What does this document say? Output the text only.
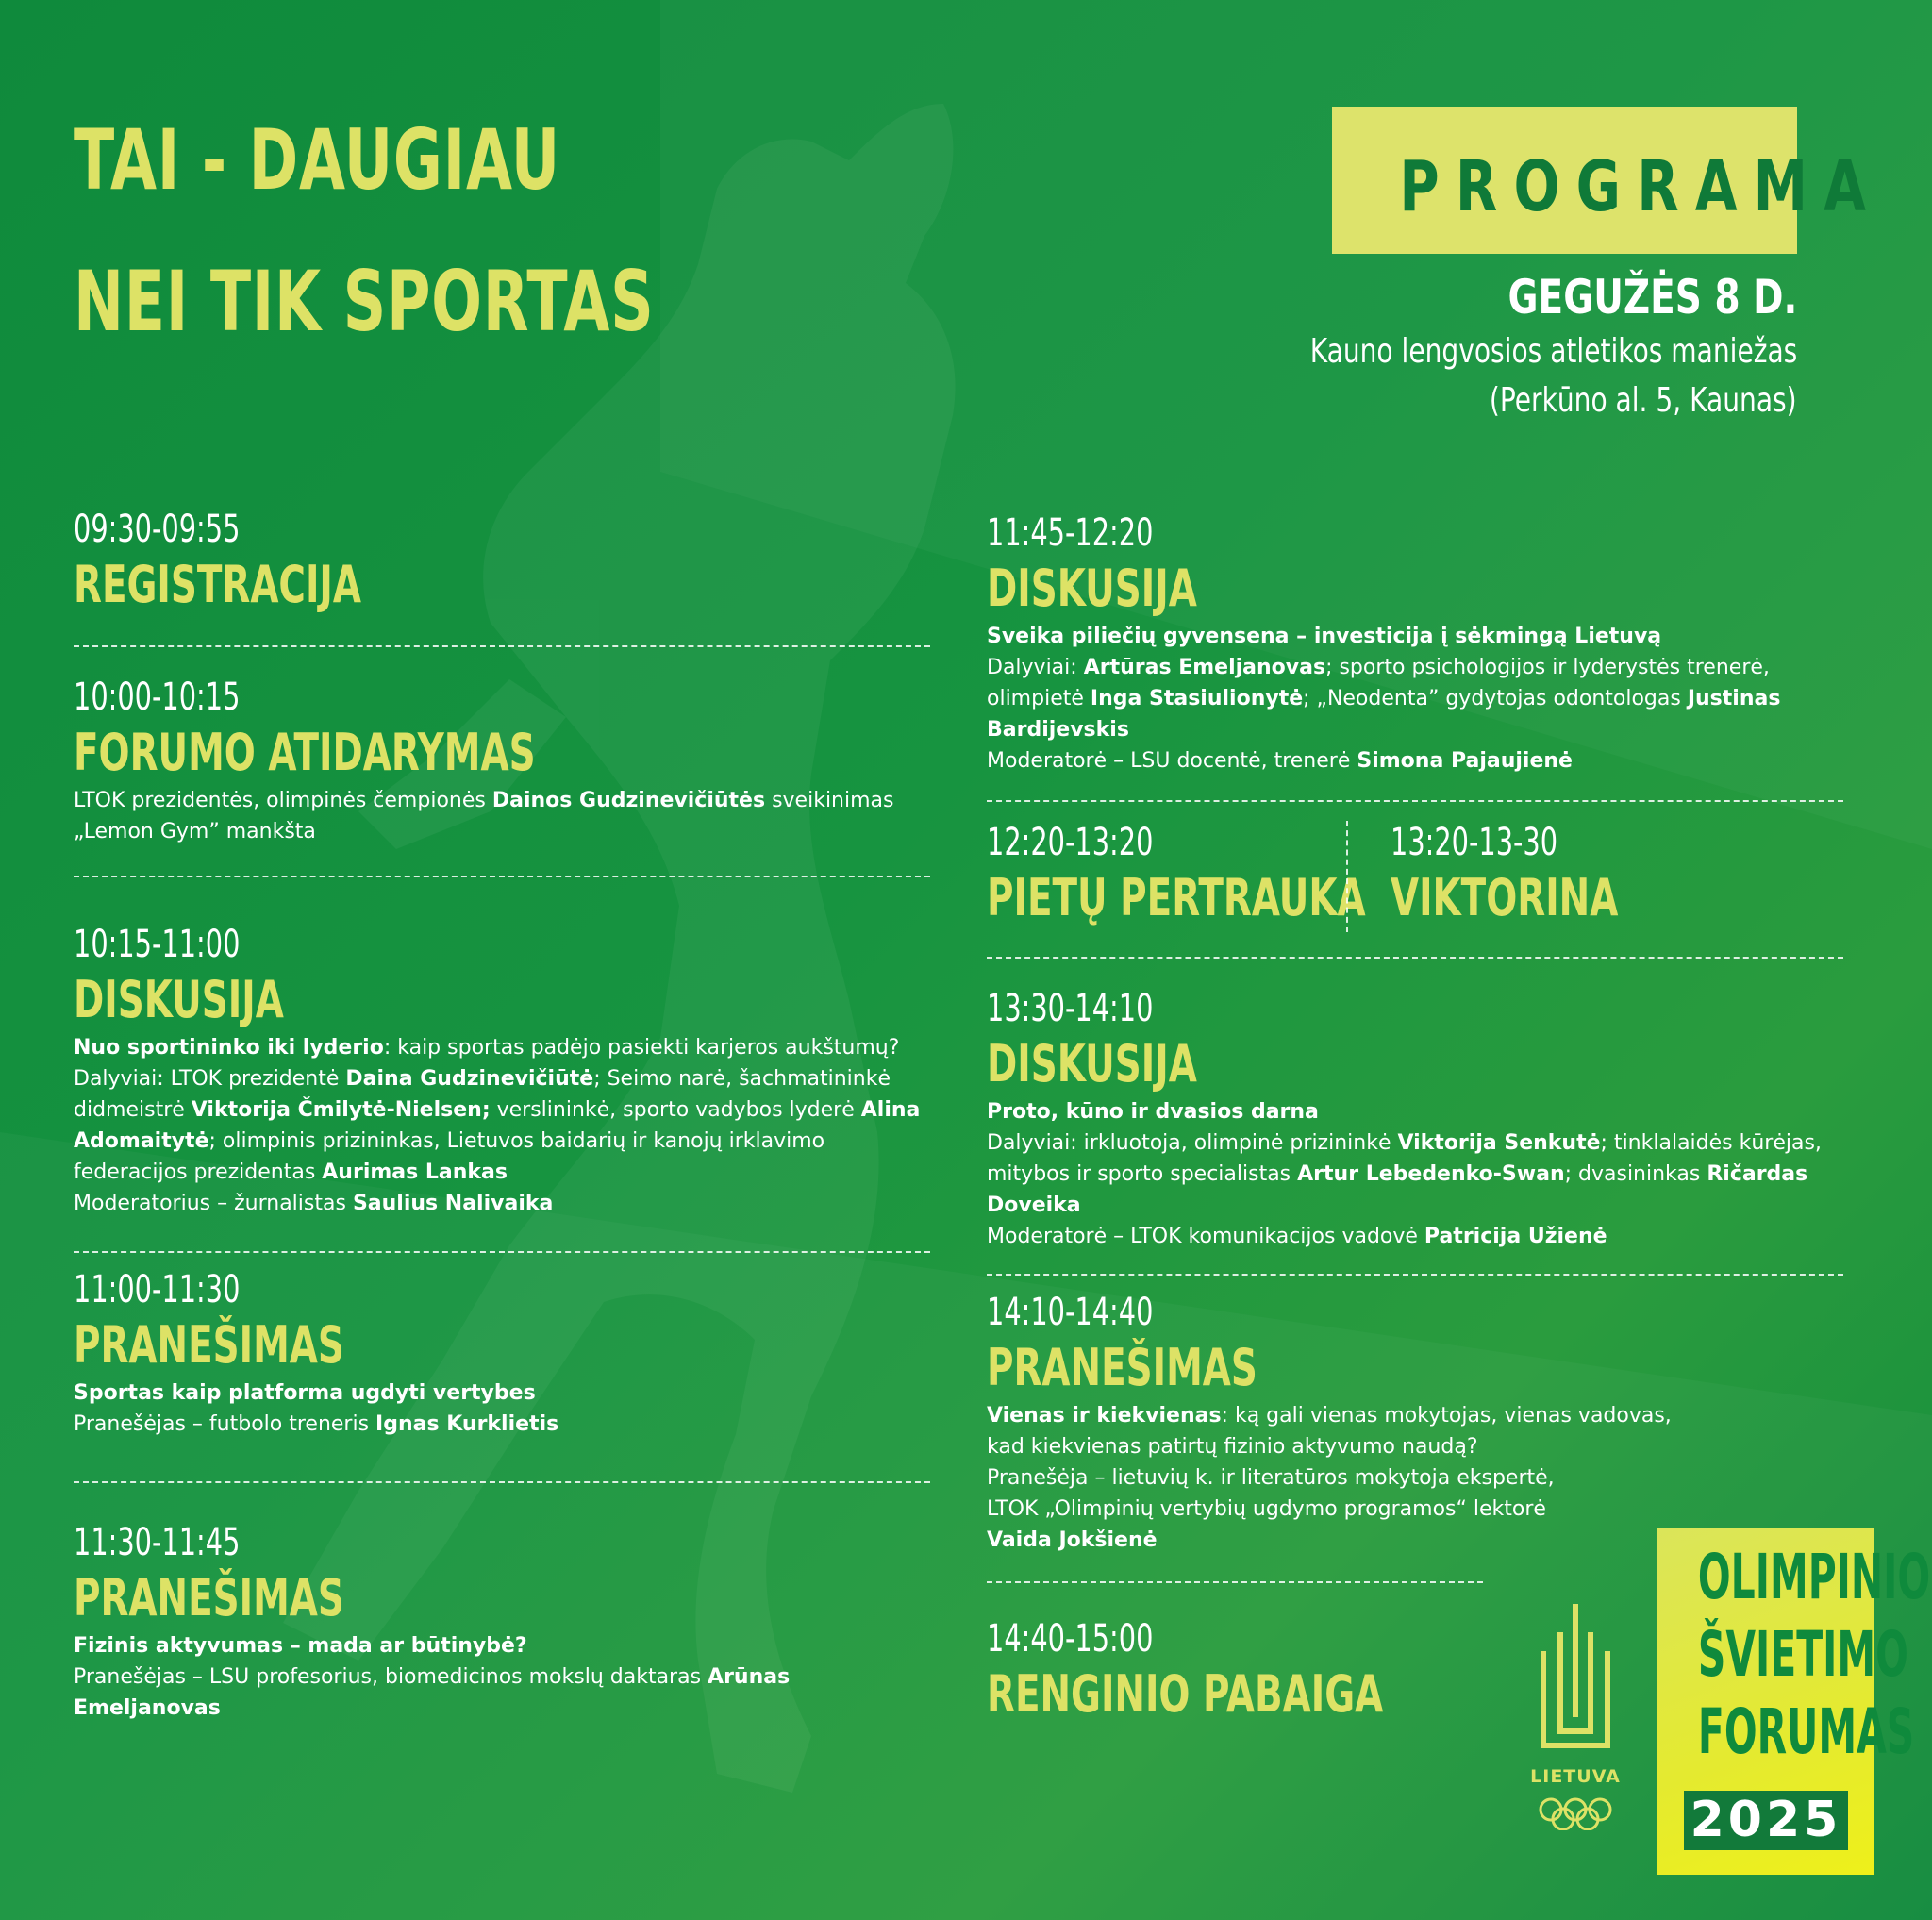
TAI - DAUGIAU
NEI TIK SPORTAS
PROGRAMA
GEGUŽĖS 8 D.
Kauno lengvosios atletikos maniežas
(Perkūno al. 5, Kaunas)
09:30-09:55
REGISTRACIJA
10:00-10:15
FORUMO ATIDARYMAS
LTOK prezidentės, olimpinės čempionės Dainos Gudzinevičiūtės sveikinimas
„Lemon Gym” mankšta
10:15-11:00
DISKUSIJA
Nuo sportininko iki lyderio: kaip sportas padėjo pasiekti karjeros aukštumų?
Dalyviai: LTOK prezidentė Daina Gudzinevičiūtė; Seimo narė, šachmatininkė
didmeistrė Viktorija Čmilytė-Nielsen; verslininkė, sporto vadybos lyderė Alina
Adomaitytė; olimpinis prizininkas, Lietuvos baidarių ir kanojų irklavimo
federacijos prezidentas Aurimas Lankas
Moderatorius – žurnalistas Saulius Nalivaika
11:00-11:30
PRANEŠIMAS
Sportas kaip platforma ugdyti vertybes
Pranešėjas – futbolo treneris Ignas Kurklietis
11:30-11:45
PRANEŠIMAS
Fizinis aktyvumas – mada ar būtinybė?
Pranešėjas – LSU profesorius, biomedicinos mokslų daktaras Arūnas
Emeljanovas
11:45-12:20
DISKUSIJA
Sveika piliečių gyvensena – investicija į sėkmingą Lietuvą
Dalyviai: Artūras Emeljanovas; sporto psichologijos ir lyderystės trenerė,
olimpietė Inga Stasiulionytė; „Neodenta” gydytojas odontologas Justinas
Bardijevskis
Moderatorė – LSU docentė, trenerė Simona Pajaujienė
12:20-13:20
PIETŲ PERTRAUKA
13:20-13-30
VIKTORINA
13:30-14:10
DISKUSIJA
Proto, kūno ir dvasios darna
Dalyviai: irkluotoja, olimpinė prizininkė Viktorija Senkutė; tinklalaidės kūrėjas,
mitybos ir sporto specialistas Artur Lebedenko-Swan; dvasininkas Ričardas
Doveika
Moderatorė – LTOK komunikacijos vadovė Patricija Užienė
14:10-14:40
PRANEŠIMAS
Vienas ir kiekvienas: ką gali vienas mokytojas, vienas vadovas,
kad kiekvienas patirtų fizinio aktyvumo naudą?
Pranešėja – lietuvių k. ir literatūros mokytoja ekspertė,
LTOK „Olimpinių vertybių ugdymo programos“ lektorė
Vaida Jokšienė
14:40-15:00
RENGINIO PABAIGA
LIETUVA
OLIMPINIO
ŠVIETIMO
FORUMAS
2025
